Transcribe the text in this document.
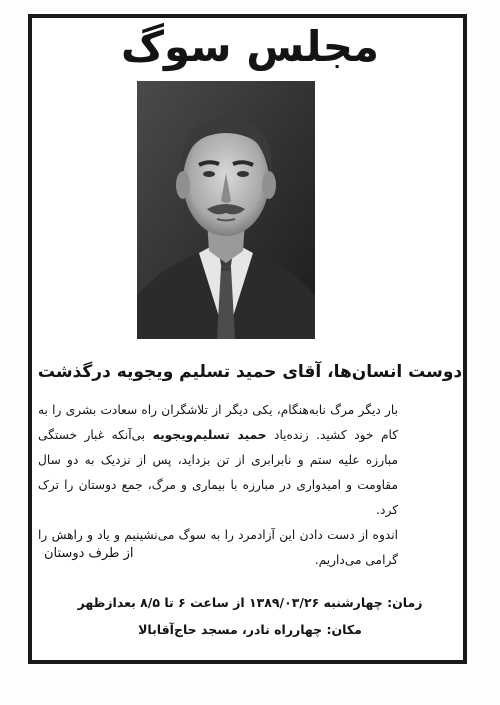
مجلس سوگ
دوست انسان‌ها، آقای حمید تسلیم ویجویه درگذشت

بار دیگر مرگ نابه‌هنگام، یکی دیگر از تلاشگران راه سعادت بشری را به کام خود کشید. زنده‌یاد حمید تسلیم‌ویجویه بی‌آنکه غبار خستگی مبارزه علیه ستم و نابرابری از تن بزداید، پس از نزدیک به دو سال مقاومت و امیدواری در مبارزه با بیماری و مرگ، جمع دوستان را ترک کرد.

اندوه از دست دادن این آزادمرد را به سوگ می‌نشینیم و یاد و راهش را گرامی می‌داریم.

از طرف دوستان
زمان: چهارشنبه ۱۳۸۹/۰۳/۲۶ از ساعت ۶ تا ۸/۵ بعدازظهر
مکان: چهارراه نادر، مسجد حاج‌آقابالا
